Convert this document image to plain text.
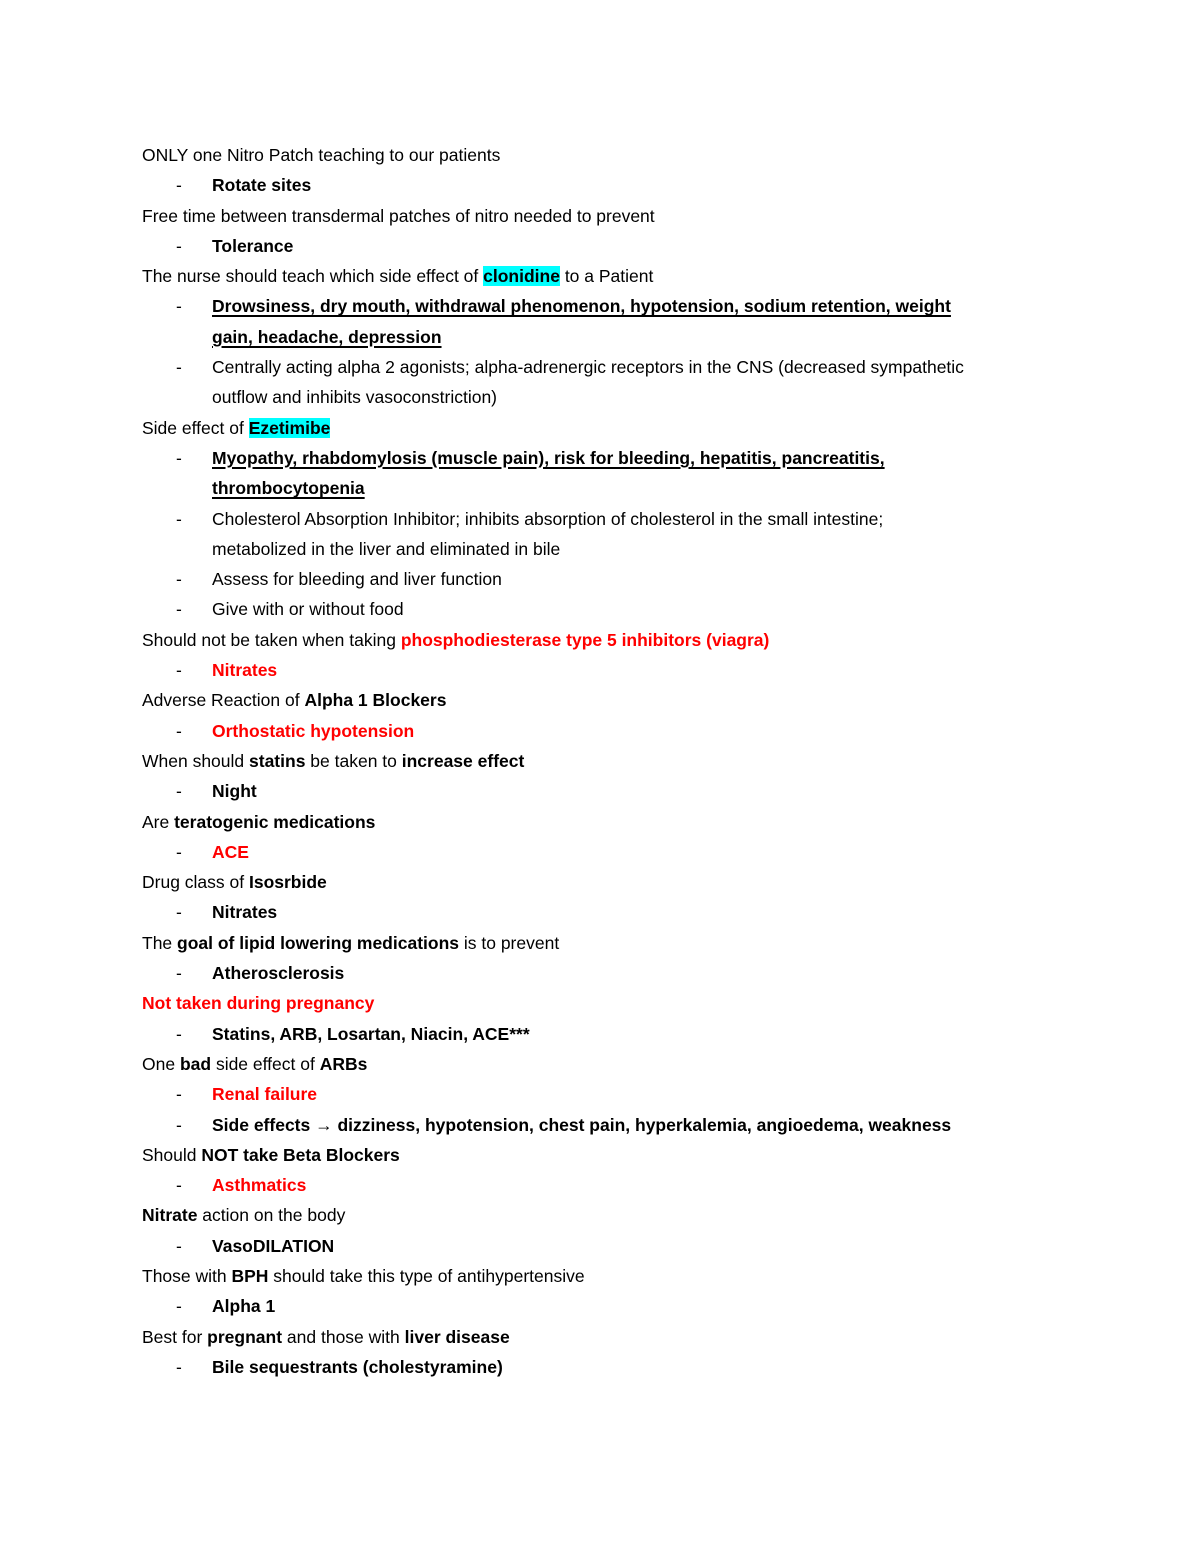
ONLY one Nitro Patch teaching to our patients
- Rotate sites
Free time between transdermal patches of nitro needed to prevent
- Tolerance
The nurse should teach which side effect of clonidine to a Patient
- Drowsiness, dry mouth, withdrawal phenomenon, hypotension, sodium retention, weight
gain, headache, depression
- Centrally acting alpha 2 agonists; alpha-adrenergic receptors in the CNS (decreased sympathetic
outflow and inhibits vasoconstriction)
Side effect of Ezetimibe
- Myopathy, rhabdomylosis (muscle pain), risk for bleeding, hepatitis, pancreatitis,
thrombocytopenia
- Cholesterol Absorption Inhibitor; inhibits absorption of cholesterol in the small intestine;
metabolized in the liver and eliminated in bile
- Assess for bleeding and liver function
- Give with or without food
Should not be taken when taking phosphodiesterase type 5 inhibitors (viagra)
- Nitrates
Adverse Reaction of Alpha 1 Blockers
- Orthostatic hypotension
When should statins be taken to increase effect
- Night
Are teratogenic medications
- ACE
Drug class of Isosrbide
- Nitrates
The goal of lipid lowering medications is to prevent
- Atherosclerosis
Not taken during pregnancy
- Statins, ARB, Losartan, Niacin, ACE***
One bad side effect of ARBs
- Renal failure
- Side effects → dizziness, hypotension, chest pain, hyperkalemia, angioedema, weakness
Should NOT take Beta Blockers
- Asthmatics
Nitrate action on the body
- VasoDILATION
Those with BPH should take this type of antihypertensive
- Alpha 1
Best for pregnant and those with liver disease
- Bile sequestrants (cholestyramine)
